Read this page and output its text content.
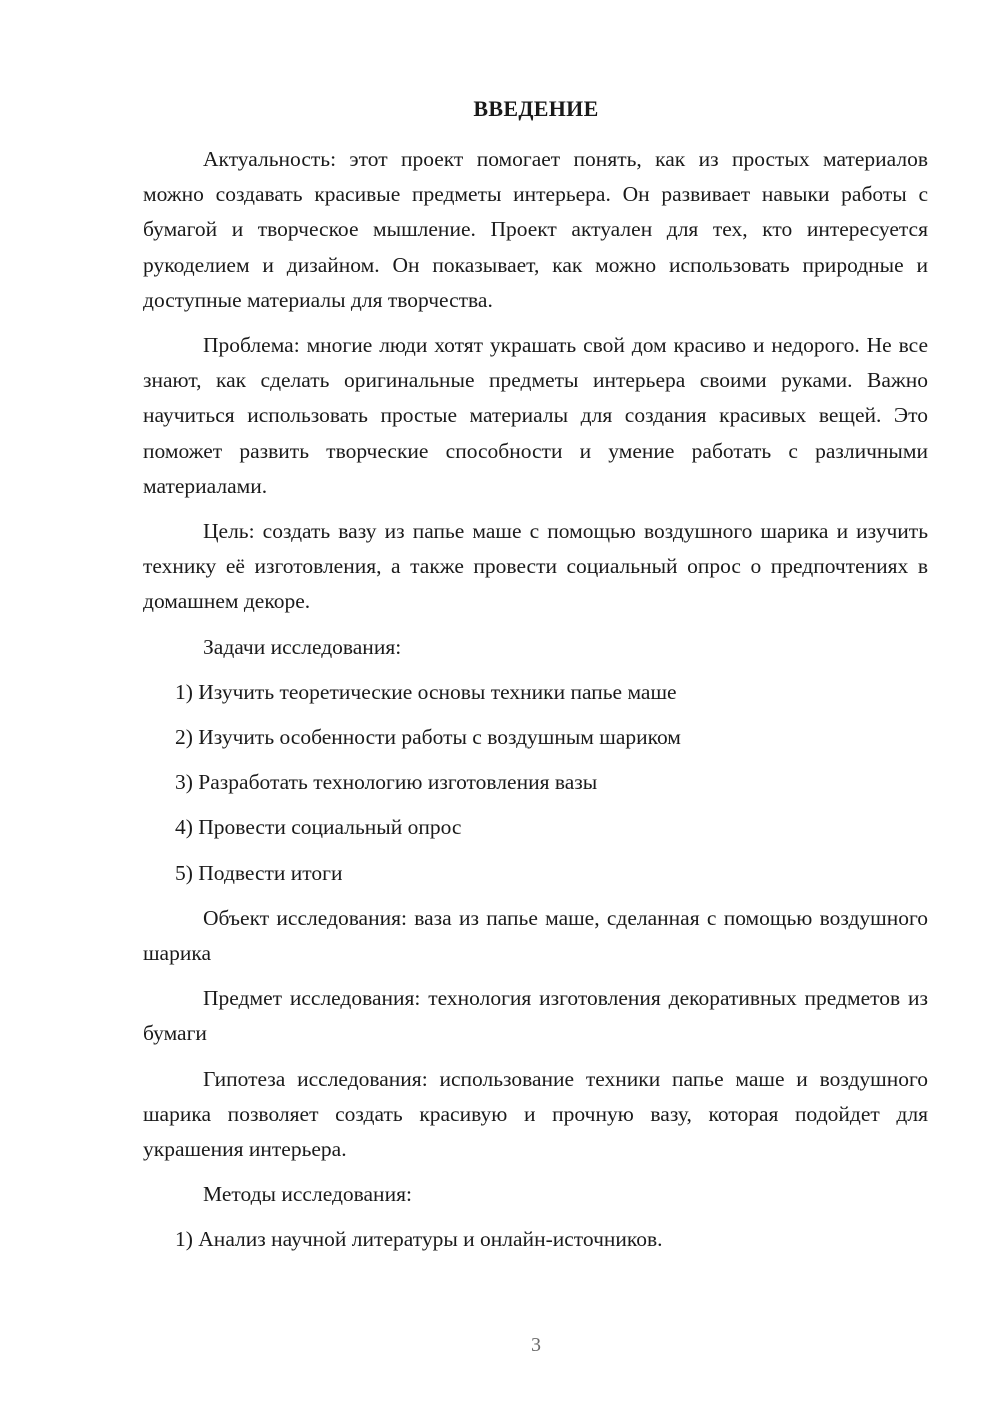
ВВЕДЕНИЕ

Актуальность: этот проект помогает понять, как из простых материалов можно создавать красивые предметы интерьера. Он развивает навыки работы с бумагой и творческое мышление. Проект актуален для тех, кто интересуется рукоделием и дизайном. Он показывает, как можно использовать природные и доступные материалы для творчества.

Проблема: многие люди хотят украшать свой дом красиво и недорого. Не все знают, как сделать оригинальные предметы интерьера своими руками. Важно научиться использовать простые материалы для создания красивых вещей. Это поможет развить творческие способности и умение работать с различными материалами.

Цель: создать вазу из папье маше с помощью воздушного шарика и изучить технику её изготовления, а также провести социальный опрос о предпочтениях в домашнем декоре.

Задачи исследования:

1) Изучить теоретические основы техники папье маше

2) Изучить особенности работы с воздушным шариком

3) Разработать технологию изготовления вазы

4) Провести социальный опрос

5) Подвести итоги

Объект исследования: ваза из папье маше, сделанная с помощью воздушного шарика

Предмет исследования: технология изготовления декоративных предметов из бумаги

Гипотеза исследования: использование техники папье маше и воздушного шарика позволяет создать красивую и прочную вазу, которая подойдет для украшения интерьера.

Методы исследования:

1) Анализ научной литературы и онлайн-источников.

3
